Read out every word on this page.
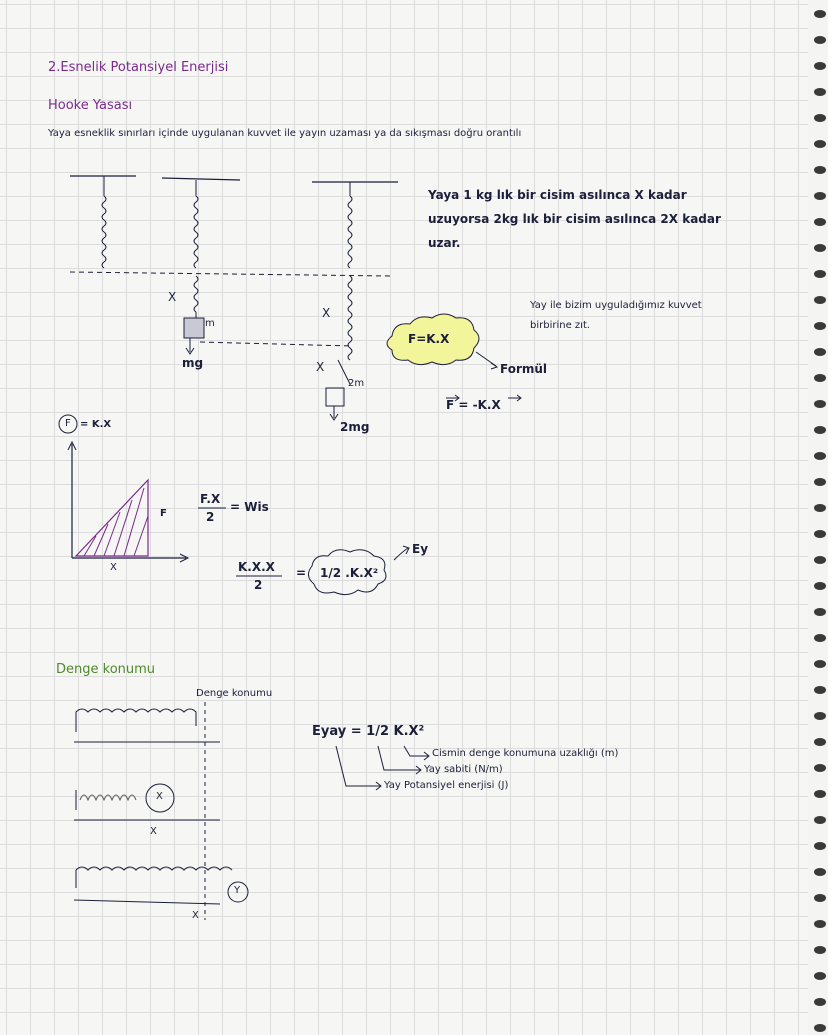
2.Esnelik Potansiyel Enerjisi
Hooke Yasası
Yaya esneklik sınırları içinde uygulanan kuvvet ile yayın uzaması ya da sıkışması doğru orantılı
Yaya 1 kg lık bir cisim asılınca X kadar
uzuyorsa 2kg lık bir cisim asılınca 2X kadar
uzar.
Yay ile bizim uyguladığımız kuvvet
birbirine zıt.
X
m
mg
X
X
2m
2mg
F=K.X
Formül
F = -K.X
F = K.X
X
F
F.X
2
= Wis
K.X.X
2
= 1/2 .K.X²
Ey
Denge konumu
Denge konumu
X
X
Y
X
Eyay = 1/2 K.X²
Cismin denge konumuna uzaklığı (m)
Yay sabiti (N/m)
Yay Potansiyel enerjisi (J)
